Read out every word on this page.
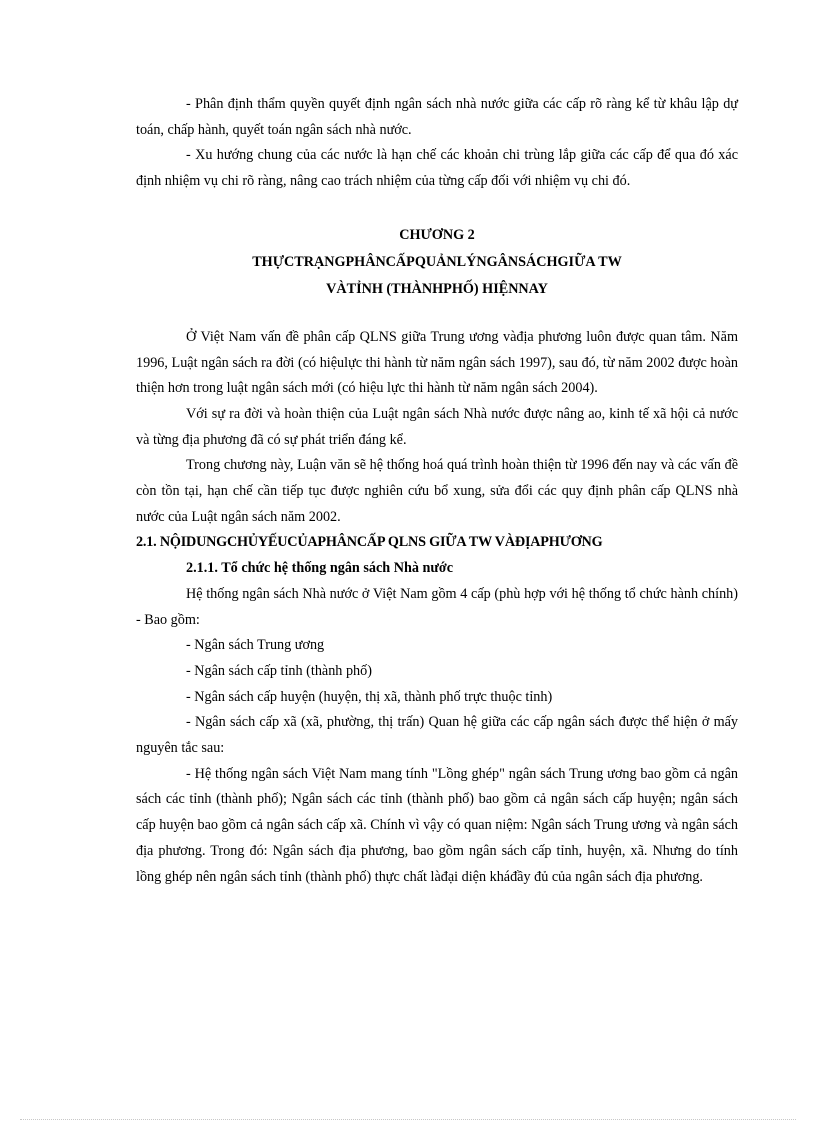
- Phân định thẩm quyền quyết định ngân sách nhà nước giữa các cấp rõ ràng kể từ khâu lập dự toán, chấp hành, quyết toán ngân sách nhà nước.

- Xu hướng chung của các nước là hạn chế các khoản chi trùng lắp giữa các cấp để qua đó xác định nhiệm vụ chi rõ ràng, nâng cao trách nhiệm của từng cấp đối với nhiệm vụ chi đó.

CHƯƠNG 2

THỰCTRẠNGPHÂNCẤPQUẢNLÝNGÂNSÁCHGIỮA TW

VÀTỈNH (THÀNHPHỐ) HIỆNNAY

Ở Việt Nam vấn đề phân cấp QLNS giữa Trung ương vàđịa phương luôn được quan tâm. Năm 1996, Luật ngân sách ra đời (có hiệulực thi hành từ năm ngân sách 1997), sau đó, từ năm 2002 được hoàn thiện hơn trong luật ngân sách mới (có hiệu lực thi hành từ năm ngân sách 2004).

Với sự ra đời và hoàn thiện của Luật ngân sách Nhà nước được nâng ao, kinh tế xã hội cả nước và từng địa phương đã có sự phát triển đáng kể.

Trong chương này, Luận văn sẽ hệ thống hoá quá trình hoàn thiện từ 1996 đến nay và các vấn đề còn tồn tại, hạn chế cần tiếp tục được nghiên cứu bổ xung, sửa đổi các quy định phân cấp QLNS nhà nước của Luật ngân sách năm 2002.

2.1. NỘIDUNGCHỦYẾUCỦAPHÂNCẤP QLNS GIỮA TW VÀĐỊAPHƯƠNG

2.1.1. Tổ chức hệ thống ngân sách Nhà nước

Hệ thống ngân sách Nhà nước ở Việt Nam gồm 4 cấp (phù hợp với hệ thống tổ chức hành chính) - Bao gồm:

- Ngân sách Trung ương

- Ngân sách cấp tỉnh (thành phố)

- Ngân sách cấp huyện (huyện, thị xã, thành phố trực thuộc tỉnh)

- Ngân sách cấp xã (xã, phường, thị trấn) Quan hệ giữa các cấp ngân sách được thể hiện ở mấy nguyên tắc sau:

- Hệ thống ngân sách Việt Nam mang tính "Lồng ghép" ngân sách Trung ương bao gồm cả ngân sách các tỉnh (thành phố); Ngân sách các tỉnh (thành phố) bao gồm cả ngân sách cấp huyện; ngân sách cấp huyện bao gồm cả ngân sách cấp xã. Chính vì vậy có quan niệm: Ngân sách Trung ương và ngân sách địa phương. Trong đó: Ngân sách địa phương, bao gồm ngân sách cấp tỉnh, huyện, xã. Nhưng do tính lồng ghép nên ngân sách tỉnh (thành phố) thực chất làđại diện kháđầy đủ của ngân sách địa phương.
